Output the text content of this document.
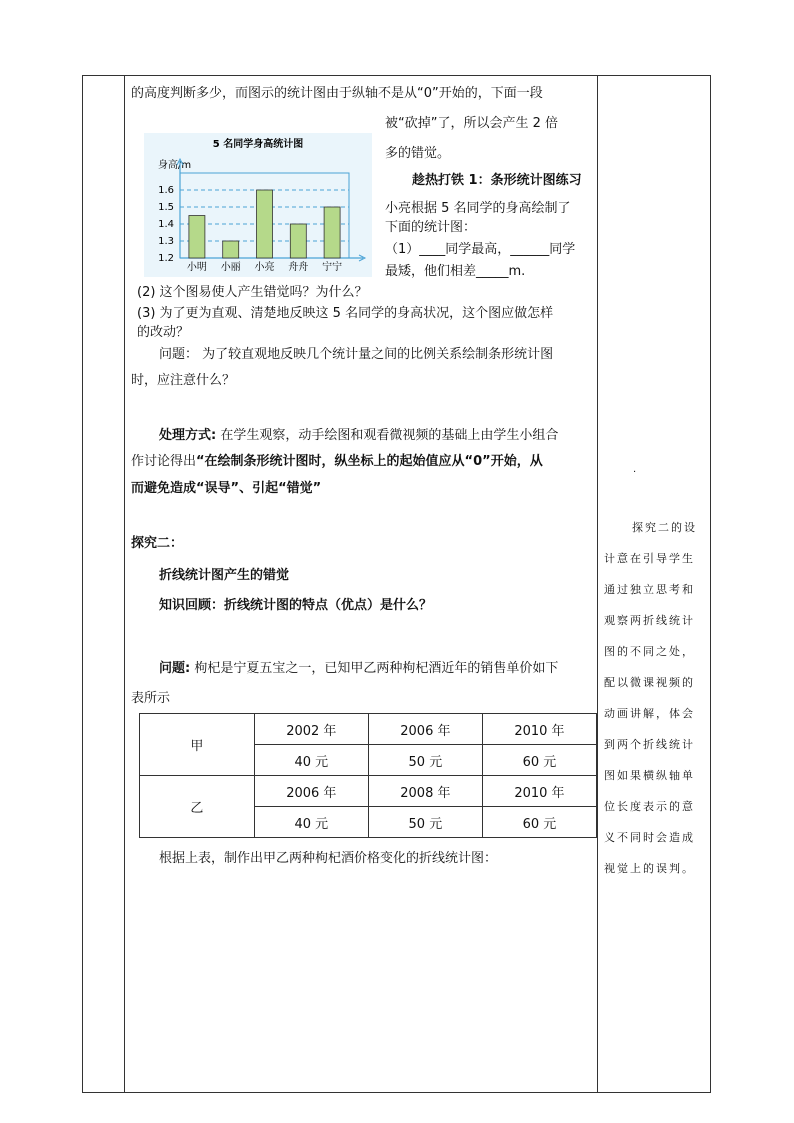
的高度判断多少，而图示的统计图由于纵轴不是从“0”开始的，下面一段
被“砍掉”了，所以会产生 2 倍
多的错觉。
趁热打铁 1：条形统计图练习
小亮根据 5 名同学的身高绘制了
下面的统计图：
（1）____同学最高，______同学
最矮，他们相差_____m.
(2) 这个图易使人产生错觉吗？为什么？
(3) 为了更为直观、清楚地反映这 5 名同学的身高状况，这个图应做怎样
的改动？
问题： 为了较直观地反映几个统计量之间的比例关系绘制条形统计图
时，应注意什么？
处理方式: 在学生观察，动手绘图和观看微视频的基础上由学生小组合
作讨论得出“在绘制条形统计图时，纵坐标上的起始值应从“0”开始，从
而避免造成“误导”、引起“错觉”
探究二：
折线统计图产生的错觉
知识回顾：折线统计图的特点（优点）是什么？
问题: 枸杞是宁夏五宝之一，已知甲乙两种枸杞酒近年的销售单价如下
表所示
甲	2002 年	2006 年	2010 年
	40 元	50 元	60 元
乙	2006 年	2008 年	2010 年
	40 元	50 元	60 元
根据上表，制作出甲乙两种枸杞酒价格变化的折线统计图：
5 名同学身高统计图
身高/m
1.2
1.3
1.4
1.5
1.6
小明 小丽 小亮 舟舟 宁宁
.
探究二的设
计意在引导学生
通过独立思考和
观察两折线统计
图的不同之处，
配以微课视频的
动画讲解，体会
到两个折线统计
图如果横纵轴单
位长度表示的意
义不同时会造成
视觉上的误判。
